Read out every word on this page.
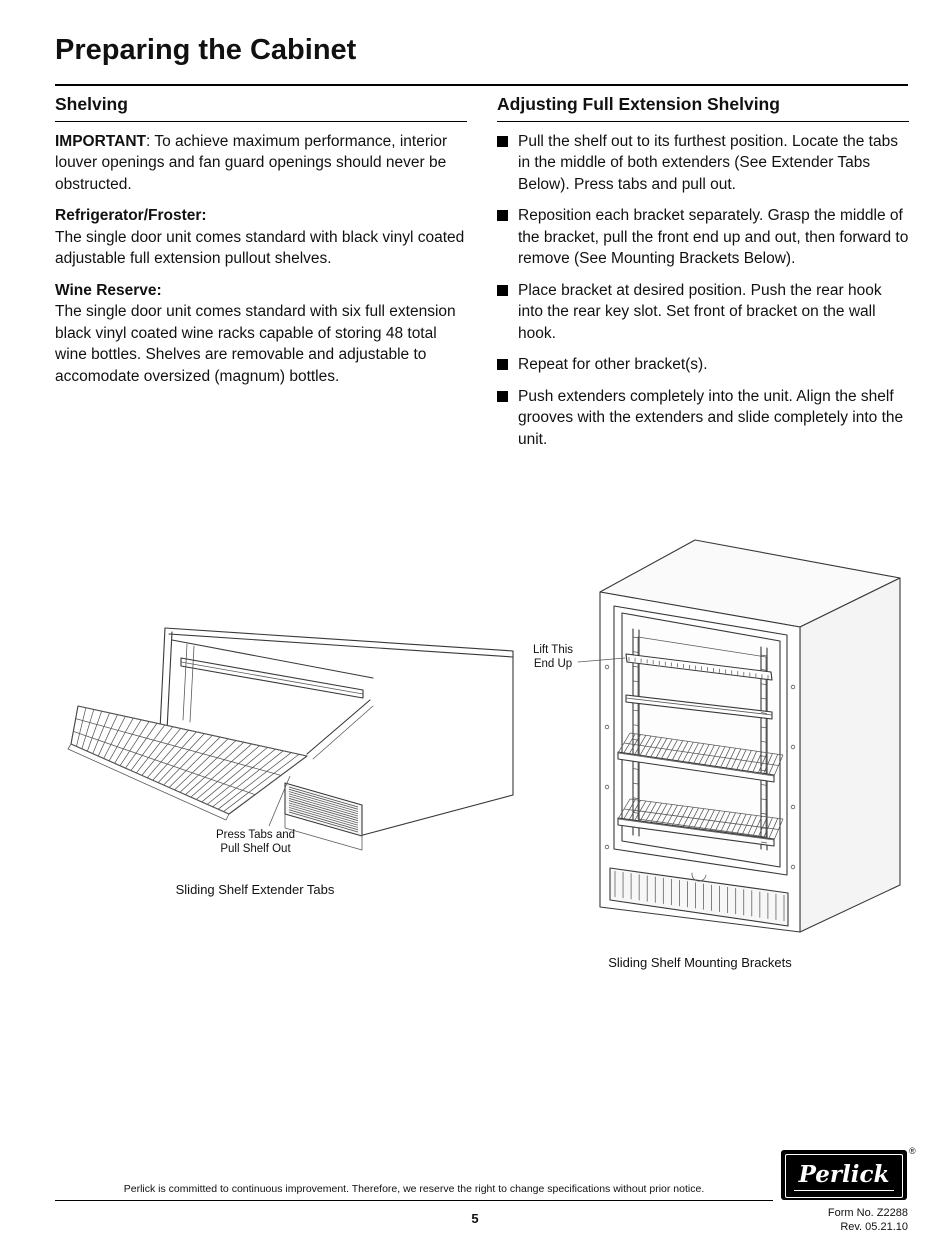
Preparing the Cabinet
Shelving

IMPORTANT: To achieve maximum performance, interior louver openings and fan guard openings should never be obstructed.

Refrigerator/Froster:
The single door unit comes standard with black vinyl coated adjustable full extension pullout shelves.

Wine Reserve:
The single door unit comes standard with six full extension black vinyl coated wine racks capable of storing 48 total wine bottles. Shelves are removable and adjustable to accomodate oversized (magnum) bottles.

Adjusting Full Extension Shelving
Pull the shelf out to its furthest position. Locate the tabs in the middle of both extenders (See Extender Tabs Below). Press tabs and pull out.
Reposition each bracket separately. Grasp the middle of the bracket, pull the front end up and out, then forward to remove (See Mounting Brackets Below).
Place bracket at desired position. Push the rear hook into the rear key slot. Set front of bracket on the wall hook.
Repeat for other bracket(s).
Push extenders completely into the unit. Align the shelf grooves with the extenders and slide completely into the unit.
Press Tabs and
Pull Shelf Out
Sliding Shelf Extender Tabs
Lift This
End Up
Sliding Shelf Mounting Brackets
Perlick is committed to continuous improvement. Therefore, we reserve the right to change specifications without prior notice.
Perlick
®
5	Form No. Z2288
Rev. 05.21.10
